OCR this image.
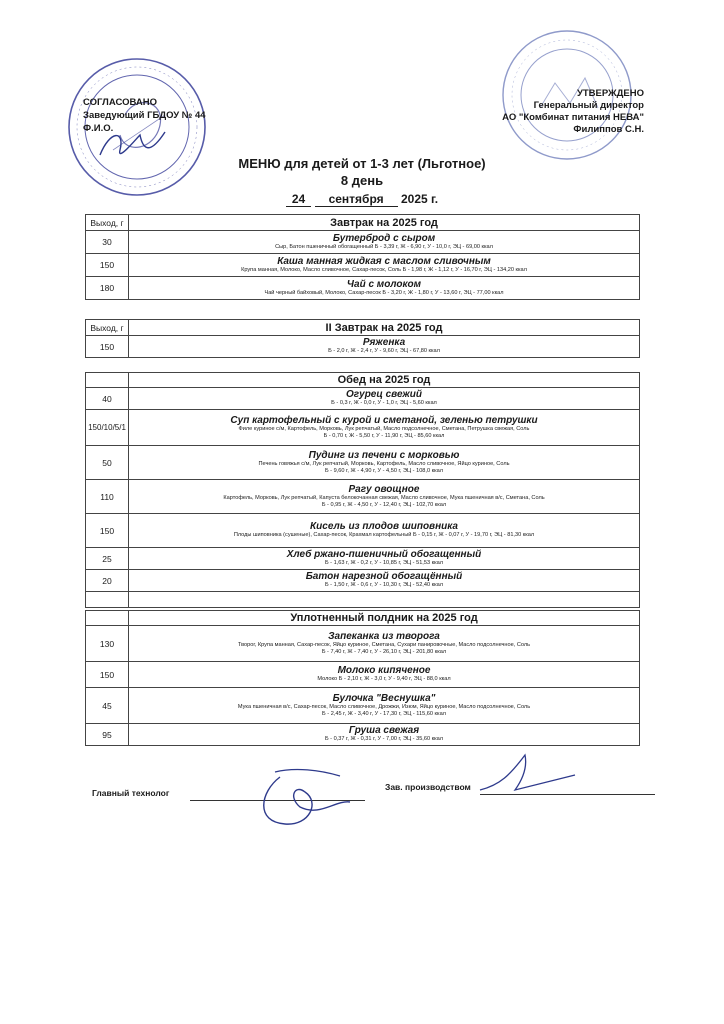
СОГЛАСОВАНО
Заведующий ГБДОУ № 44
Ф.И.О.
УТВЕРЖДЕНО
Генеральный директор
АО "Комбинат питания НЕВА"
Филиппов С.Н.
МЕНЮ для детей от 1-3 лет (Льготное)
8 день
24 сентября 2025 г.
Выход, г	Завтрак на 2025 год
30	Бутерброд с сыром
Сыр, Батон пшеничный обогащенный Б - 3,39 г, Ж - 6,90 г, У - 10,0 г, ЭЦ - 69,00 ккал

150	Каша манная жидкая с маслом сливочным
Крупа манная, Молоко, Масло сливочное, Сахар-песок, Соль Б - 1,98 г, Ж - 1,12 г, У - 16,70 г, ЭЦ - 134,20 ккал

180	Чай с молоком
Чай черный байховый, Молоко, Сахар-песок Б - 3,20 г, Ж - 1,80 г, У - 13,60 г, ЭЦ - 77,00 ккал
Выход, г	II Завтрак на 2025 год
150	Ряженка
Б - 2,0 г, Ж - 2,4 г, У - 9,60 г, ЭЦ - 67,80 ккал
	Обед на 2025 год
40	Огурец свежий
Б - 0,3 г, Ж - 0,0 г, У - 1,0 г, ЭЦ - 5,60 ккал

150/10/5/1	Суп картофельный с курой и сметаной, зеленью петрушки
Филе куриное с/м, Картофель, Морковь, Лук репчатый, Масло подсолнечное, Сметана, Петрушка свежая, Соль
Б - 0,70 г, Ж - 5,50 г, У - 11,90 г, ЭЦ - 85,60 ккал

50	Пудинг из печени с морковью
Печень говяжья с/м, Лук репчатый, Морковь, Картофель, Масло сливочное, Яйцо куриное, Соль
Б - 9,60 г, Ж - 4,90 г, У - 4,50 г, ЭЦ - 108,0 ккал

110	Рагу овощное
Картофель, Морковь, Лук репчатый, Капуста белокочанная свежая, Масло сливочное, Мука пшеничная в/с, Сметана, Соль
Б - 0,95 г, Ж - 4,50 г, У - 12,40 г, ЭЦ - 102,70 ккал

150	Кисель из плодов шиповника
Плоды шиповника (сушеные), Сахар-песок, Крахмал картофельный Б - 0,15 г, Ж - 0,07 г, У - 19,70 г, ЭЦ - 81,30 ккал

25	Хлеб ржано-пшеничный обогащенный
Б - 1,63 г, Ж - 0,2 г, У - 10,85 г, ЭЦ - 51,53 ккал

20	Батон нарезной обогащённый
Б - 1,50 г, Ж - 0,6 г, У - 10,30 г, ЭЦ - 52,40 ккал

	Уплотненный полдник на 2025 год
130	Запеканка из творога
Творог, Крупа манная, Сахар-песок, Яйцо куриное, Сметана, Сухари панировочные, Масло подсолнечное, Соль
Б - 7,40 г, Ж - 7,40 г, У - 26,10 г, ЭЦ - 201,80 ккал

150	Молоко кипяченое
Молоко Б - 2,10 г, Ж - 3,0 г, У - 9,40 г, ЭЦ - 88,0 ккал

45	Булочка "Веснушка"
Мука пшеничная в/с, Сахар-песок, Масло сливочное, Дрожжи, Изюм, Яйцо куриное, Масло подсолнечное, Соль
Б - 2,45 г, Ж - 3,40 г, У - 17,30 г, ЭЦ - 115,60 ккал

95	Груша свежая
Б - 0,37 г, Ж - 0,31 г, У - 7,00 г, ЭЦ - 35,60 ккал
Главный технолог
Зав. производством
